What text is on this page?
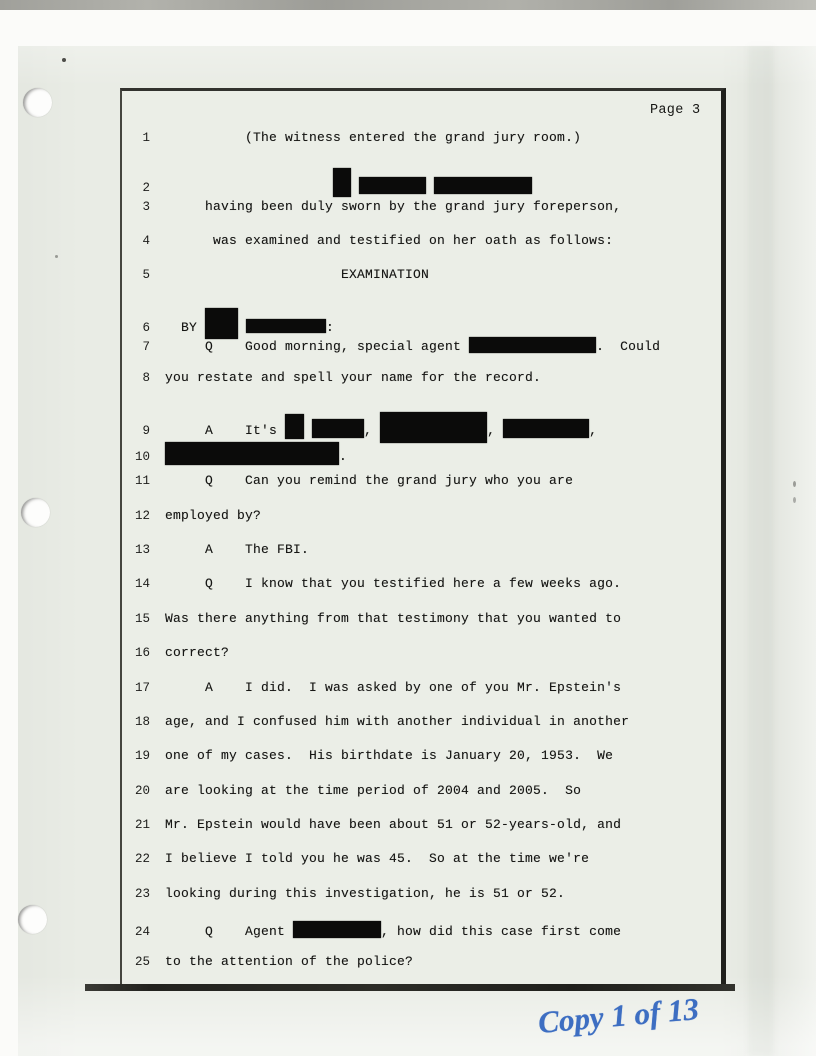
Page 3
1          (The witness entered the grand jury room.)
2
3     having been duly sworn by the grand jury foreperson,
4      was examined and testified on her oath as follows:
5                      EXAMINATION
6  BY	:
7     Q    Good morning, special agent	.  Could
8 you restate and spell your name for the record.
9     A    It's	,	,	,
10	.
11     Q    Can you remind the grand jury who you are
12 employed by?
13     A    The FBI.
14     Q    I know that you testified here a few weeks ago.
15 Was there anything from that testimony that you wanted to
16 correct?
17     A    I did.  I was asked by one of you Mr. Epstein's
18 age, and I confused him with another individual in another
19 one of my cases.  His birthdate is January 20, 1953.  We
20 are looking at the time period of 2004 and 2005.  So
21 Mr. Epstein would have been about 51 or 52-years-old, and
22 I believe I told you he was 45.  So at the time we're
23 looking during this investigation, he is 51 or 52.
24     Q    Agent	, how did this case first come
25 to the attention of the police?
Copy 1 of 13
